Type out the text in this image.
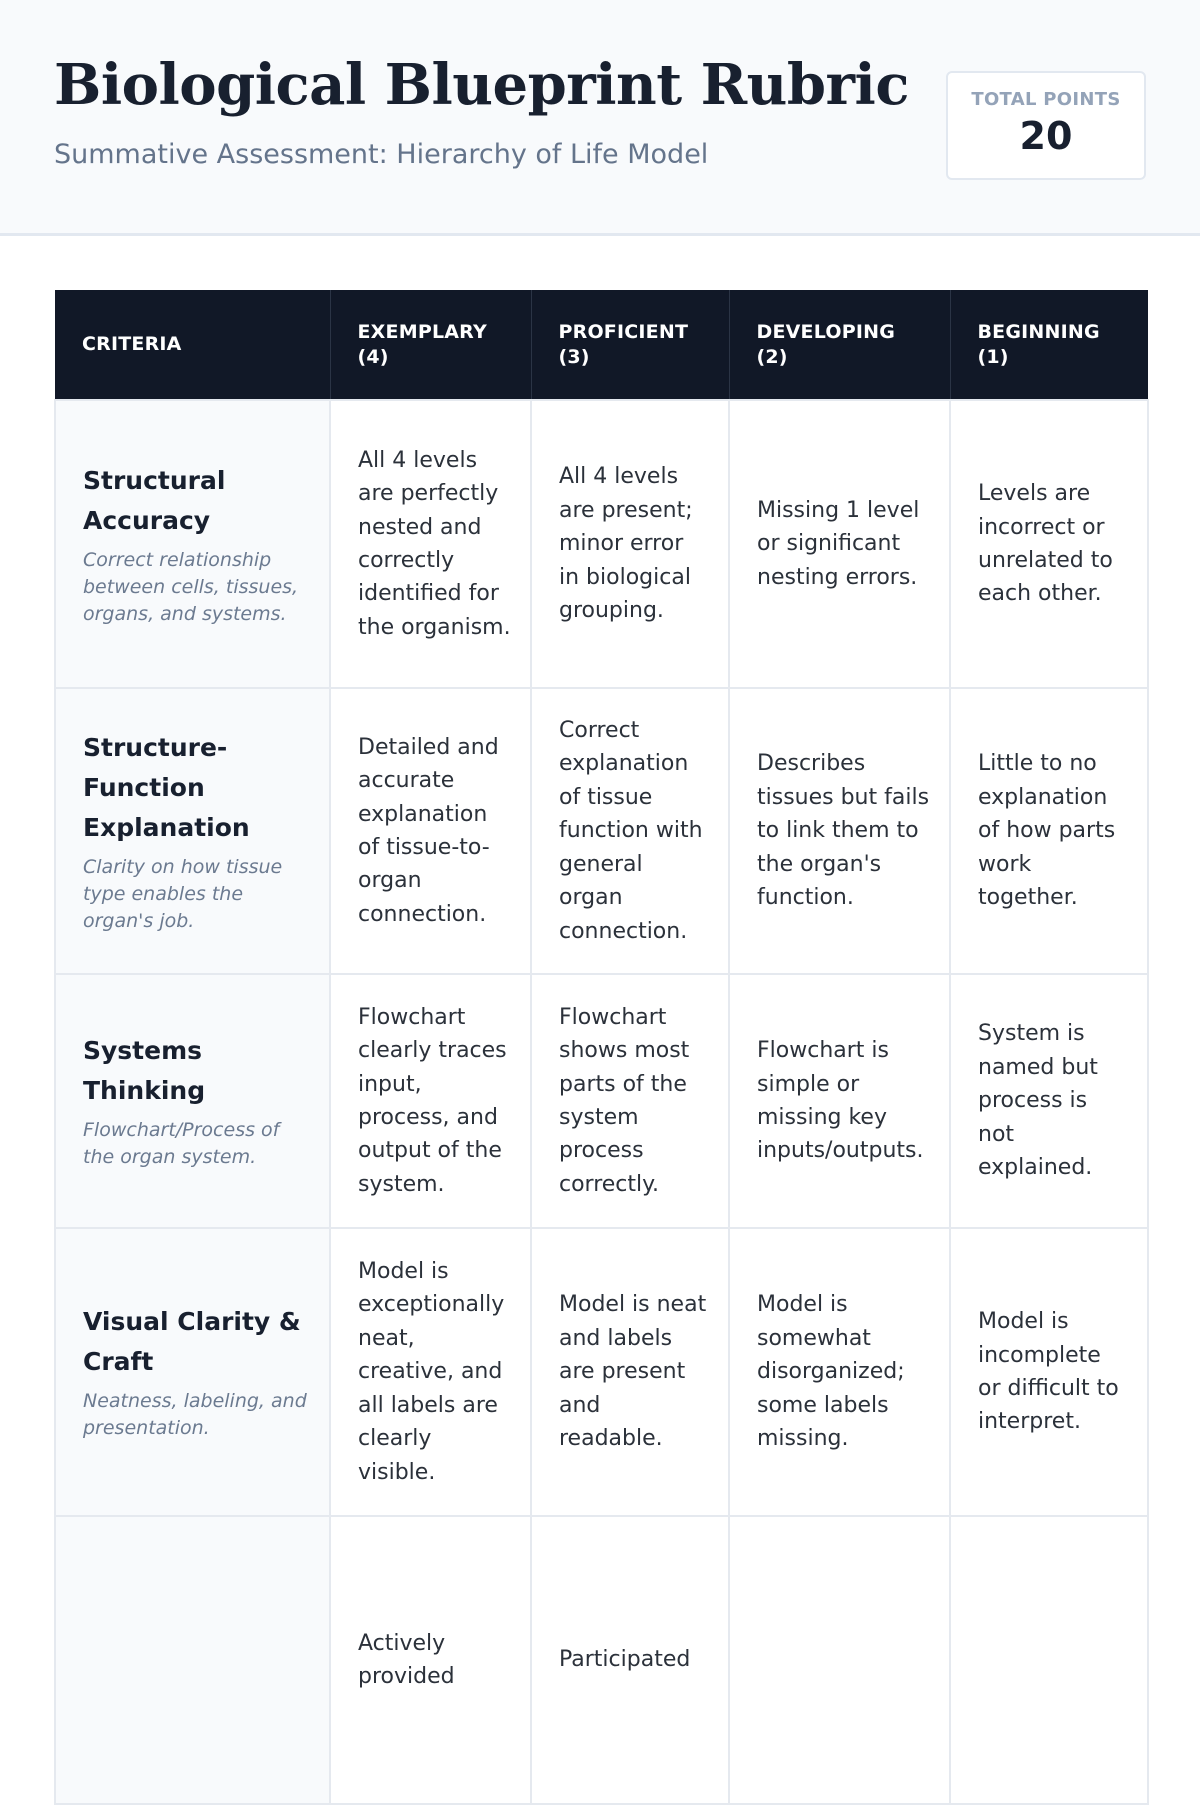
Biological Blueprint Rubric

Summative Assessment: Hierarchy of Life Model

TOTAL POINTS
20
CRITERIA	EXEMPLARY (4)	PROFICIENT (3)	DEVELOPING (2)	BEGINNING (1)

Structural Accuracy
Correct relationship between cells, tissues, organs, and systems.	All 4 levels are perfectly nested and correctly identified for the organism.	All 4 levels are present; minor error in biological grouping.	Missing 1 level or significant nesting errors.	Levels are incorrect or unrelated to each other.

Structure-Function Explanation
Clarity on how tissue type enables the organ's job.	Detailed and accurate explanation of tissue-to-organ connection.	Correct explanation of tissue function with general organ connection.	Describes tissues but fails to link them to the organ's function.	Little to no explanation of how parts work together.

Systems Thinking
Flowchart/Process of the organ system.	Flowchart clearly traces input, process, and output of the system.	Flowchart shows most parts of the system process correctly.	Flowchart is simple or missing key inputs/outputs.	System is named but process is not explained.

Visual Clarity & Craft
Neatness, labeling, and presentation.	Model is exceptionally neat, creative, and all labels are clearly visible.	Model is neat and labels are present and readable.	Model is somewhat disorganized; some labels missing.	Model is incomplete or difficult to interpret.

	Actively provided	Participated		
